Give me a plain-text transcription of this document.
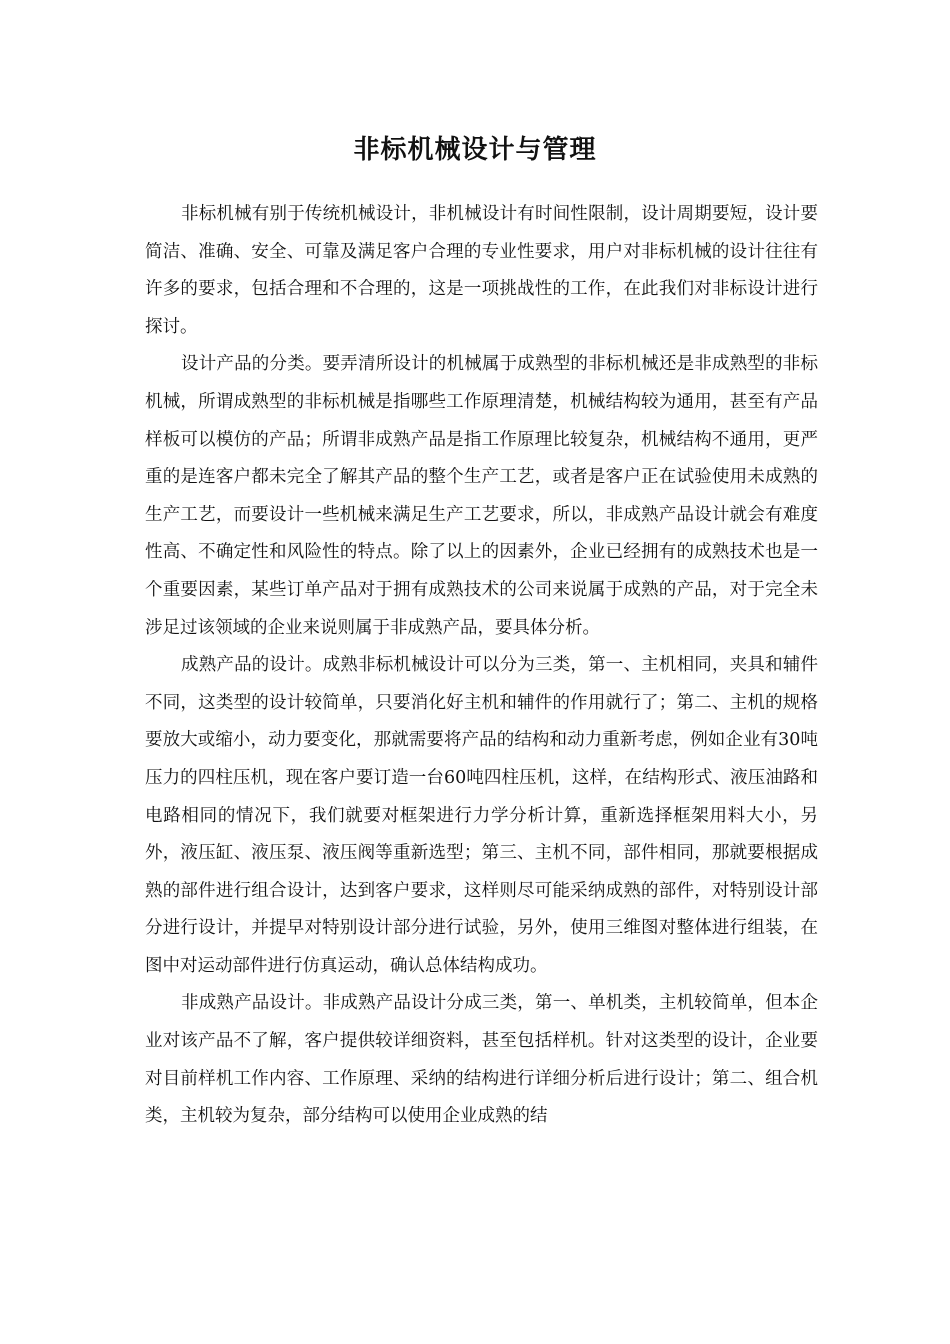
非标机械设计与管理

非标机械有别于传统机械设计，非机械设计有时间性限制，设计周期要短，设计要简洁、准确、安全、可靠及满足客户合理的专业性要求，用户对非标机械的设计往往有许多的要求，包括合理和不合理的，这是一项挑战性的工作，在此我们对非标设计进行探讨。

设计产品的分类。要弄清所设计的机械属于成熟型的非标机械还是非成熟型的非标机械，所谓成熟型的非标机械是指哪些工作原理清楚，机械结构较为通用，甚至有产品样板可以模仿的产品；所谓非成熟产品是指工作原理比较复杂，机械结构不通用，更严重的是连客户都未完全了解其产品的整个生产工艺，或者是客户正在试验使用未成熟的生产工艺，而要设计一些机械来满足生产工艺要求，所以，非成熟产品设计就会有难度性高、不确定性和风险性的特点。除了以上的因素外，企业已经拥有的成熟技术也是一个重要因素，某些订单产品对于拥有成熟技术的公司来说属于成熟的产品，对于完全未涉足过该领域的企业来说则属于非成熟产品，要具体分析。

成熟产品的设计。成熟非标机械设计可以分为三类，第一、主机相同，夹具和辅件不同，这类型的设计较简单，只要消化好主机和辅件的作用就行了；第二、主机的规格要放大或缩小，动力要变化，那就需要将产品的结构和动力重新考虑，例如企业有30吨压力的四柱压机，现在客户要订造一台60吨四柱压机，这样，在结构形式、液压油路和电路相同的情况下，我们就要对框架进行力学分析计算，重新选择框架用料大小，另外，液压缸、液压泵、液压阀等重新选型；第三、主机不同，部件相同，那就要根据成熟的部件进行组合设计，达到客户要求，这样则尽可能采纳成熟的部件，对特别设计部分进行设计，并提早对特别设计部分进行试验，另外，使用三维图对整体进行组装，在图中对运动部件进行仿真运动，确认总体结构成功。

非成熟产品设计。非成熟产品设计分成三类，第一、单机类，主机较简单，但本企业对该产品不了解，客户提供较详细资料，甚至包括样机。针对这类型的设计，企业要对目前样机工作内容、工作原理、采纳的结构进行详细分析后进行设计；第二、组合机类，主机较为复杂，部分结构可以使用企业成熟的结
